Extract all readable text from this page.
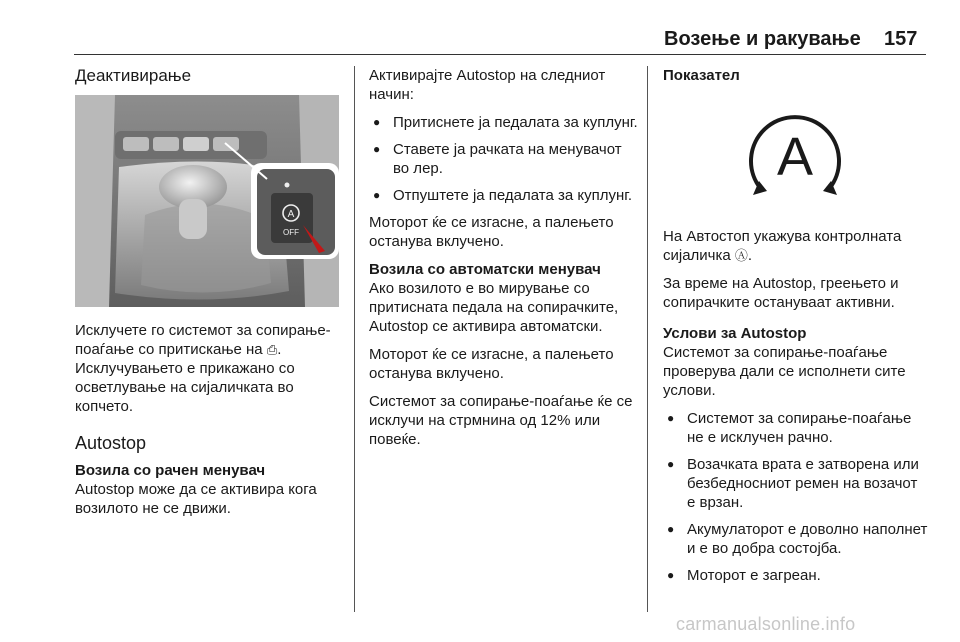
Возење и ракување 157
Деактивирање
A
OFF

Исклучете го системот за сопирање-поаѓање со притискање на ⎙. Исклучувањето е прикажано со осветлување на сијаличката во копчето.

Autostop
Возила со рачен менувач

Autostop може да се активира кога возилото не се движи.

Активирајте Autostop на следниот начин:

● Притиснете ја педалата за куплунг.
● Ставете ја рачката на менувачот во лер.
● Отпуштете ја педалата за куплунг.

Моторот ќе се изгасне, а палењето останува вклучено.

Возила со автоматски менувач

Ако возилото е во мирување со притисната педала на сопирачките, Autostop се активира автоматски.

Моторот ќе се изгасне, а палењето останува вклучено.

Системот за сопирање-поаѓање ќе се исклучи на стрмнина од 12% или повеќе.

Показател
A

На Автостоп укажува контролната сијаличка Ⓐ.

За време на Autostop, греењето и сопирачките остануваат активни.

Услови за Autostop

Системот за сопирање-поаѓање проверува дали се исполнети сите услови.

● Системот за сопирање-поаѓање не е исклучен рачно.
● Возачката врата е затворена или безбедносниот ремен на возачот е врзан.
● Акумулаторот е доволно наполнет и е во добра состојба.
● Моторот е загреан.
carmanualsonline.info
